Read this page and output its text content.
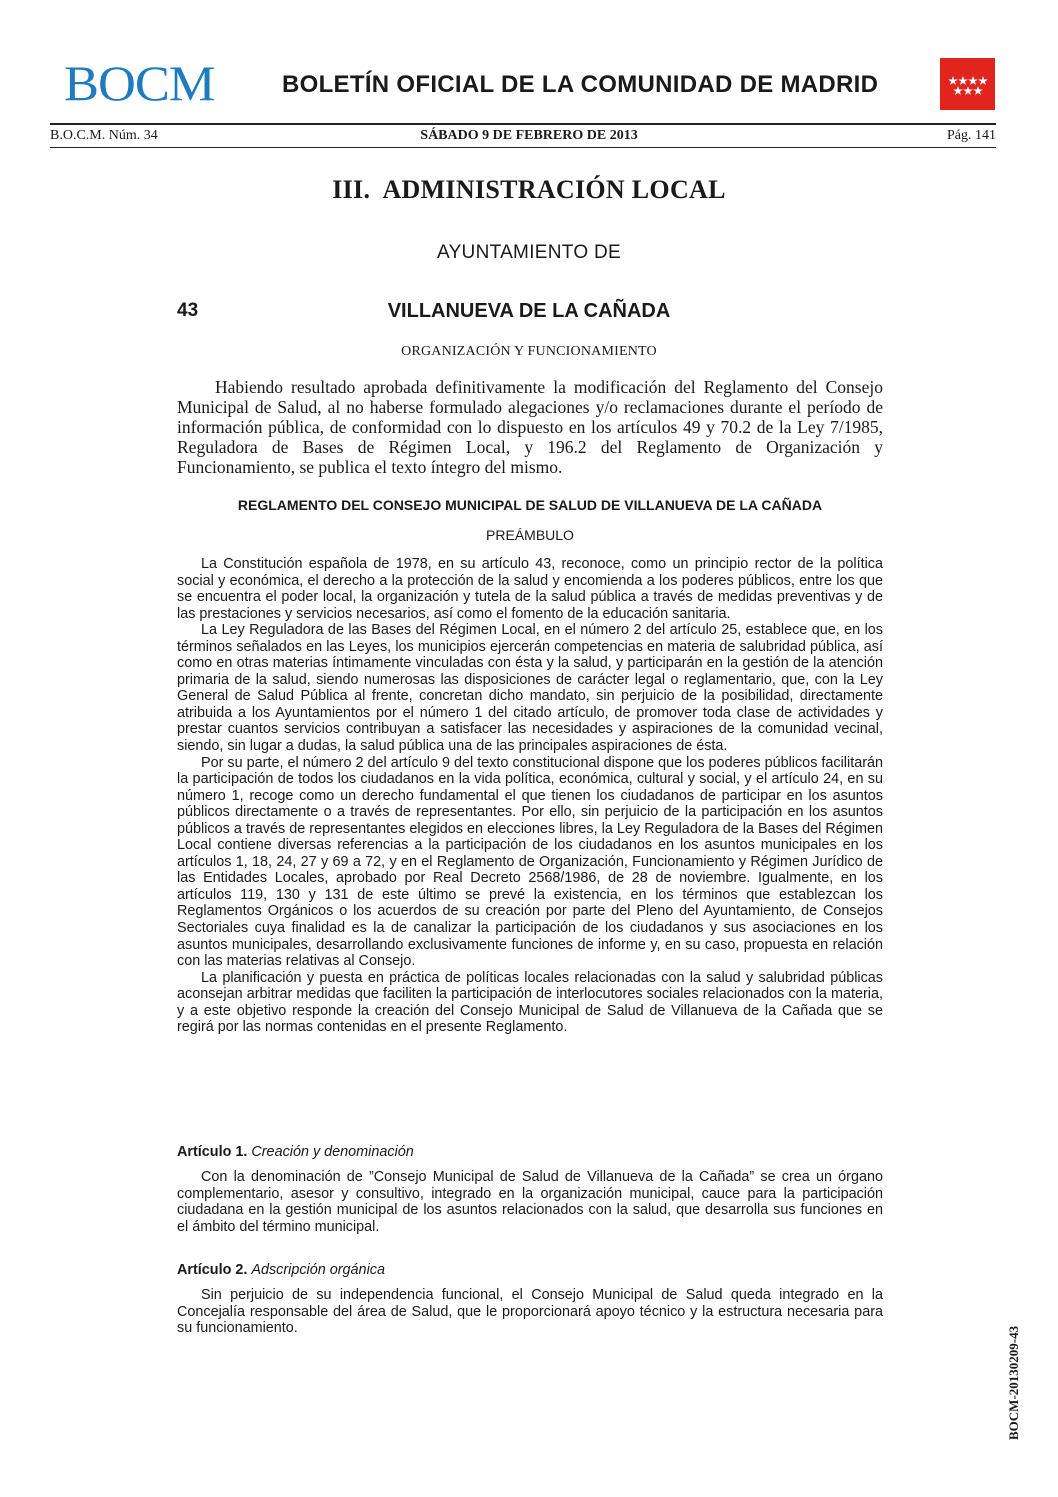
BOCM	BOLETÍN OFICIAL DE LA COMUNIDAD DE MADRID
B.O.C.M. Núm. 34	SÁBADO 9 DE FEBRERO DE 2013	Pág. 141
III.  ADMINISTRACIÓN LOCAL
AYUNTAMIENTO DE
43	VILLANUEVA DE LA CAÑADA
ORGANIZACIÓN Y FUNCIONAMIENTO

Habiendo resultado aprobada definitivamente la modificación del Reglamento del Consejo Municipal de Salud, al no haberse formulado alegaciones y/o reclamaciones durante el período de información pública, de conformidad con lo dispuesto en los artículos 49 y 70.2 de la Ley 7/1985, Reguladora de Bases de Régimen Local, y 196.2 del Reglamento de Organización y Funcionamiento, se publica el texto íntegro del mismo.

REGLAMENTO DEL CONSEJO MUNICIPAL DE SALUD DE VILLANUEVA DE LA CAÑADA

PREÁMBULO

La Constitución española de 1978, en su artículo 43, reconoce, como un principio rector de la política social y económica, el derecho a la protección de la salud y encomienda a los poderes públicos, entre los que se encuentra el poder local, la organización y tutela de la salud pública a través de medidas preventivas y de las prestaciones y servicios necesarios, así como el fomento de la educación sanitaria.

La Ley Reguladora de las Bases del Régimen Local, en el número 2 del artículo 25, establece que, en los términos señalados en las Leyes, los municipios ejercerán competencias en materia de salubridad pública, así como en otras materias íntimamente vinculadas con ésta y la salud, y participarán en la gestión de la atención primaria de la salud, siendo numerosas las disposiciones de carácter legal o reglamentario, que, con la Ley General de Salud Pública al frente, concretan dicho mandato, sin perjuicio de la posibilidad, directamente atribuida a los Ayuntamientos por el número 1 del citado artículo, de promover toda clase de actividades y prestar cuantos servicios contribuyan a satisfacer las necesidades y aspiraciones de la comunidad vecinal, siendo, sin lugar a dudas, la salud pública una de las principales aspiraciones de ésta.

Por su parte, el número 2 del artículo 9 del texto constitucional dispone que los poderes públicos facilitarán la participación de todos los ciudadanos en la vida política, económica, cultural y social, y el artículo 24, en su número 1, recoge como un derecho fundamental el que tienen los ciudadanos de participar en los asuntos públicos directamente o a través de representantes. Por ello, sin perjuicio de la participación en los asuntos públicos a través de representantes elegidos en elecciones libres, la Ley Reguladora de la Bases del Régimen Local contiene diversas referencias a la participación de los ciudadanos en los asuntos municipales en los artículos 1, 18, 24, 27 y 69 a 72, y en el Reglamento de Organización, Funcionamiento y Régimen Jurídico de las Entidades Locales, aprobado por Real Decreto 2568/1986, de 28 de noviembre. Igualmente, en los artículos 119, 130 y 131 de este último se prevé la existencia, en los términos que establezcan los Reglamentos Orgánicos o los acuerdos de su creación por parte del Pleno del Ayuntamiento, de Consejos Sectoriales cuya finalidad es la de canalizar la participación de los ciudadanos y sus asociaciones en los asuntos municipales, desarrollando exclusivamente funciones de informe y, en su caso, propuesta en relación con las materias relativas al Consejo.

La planificación y puesta en práctica de políticas locales relacionadas con la salud y salubridad públicas aconsejan arbitrar medidas que faciliten la participación de interlocutores sociales relacionados con la materia, y a este objetivo responde la creación del Consejo Municipal de Salud de Villanueva de la Cañada que se regirá por las normas contenidas en el presente Reglamento.

Artículo 1. Creación y denominación

Con la denominación de ”Consejo Municipal de Salud de Villanueva de la Cañada” se crea un órgano complementario, asesor y consultivo, integrado en la organización municipal, cauce para la participación ciudadana en la gestión municipal de los asuntos relacionados con la salud, que desarrolla sus funciones en el ámbito del término municipal.

Artículo 2. Adscripción orgánica

Sin perjuicio de su independencia funcional, el Consejo Municipal de Salud queda integrado en la Concejalía responsable del área de Salud, que le proporcionará apoyo técnico y la estructura necesaria para su funcionamiento.	BOCM-20130209-43
